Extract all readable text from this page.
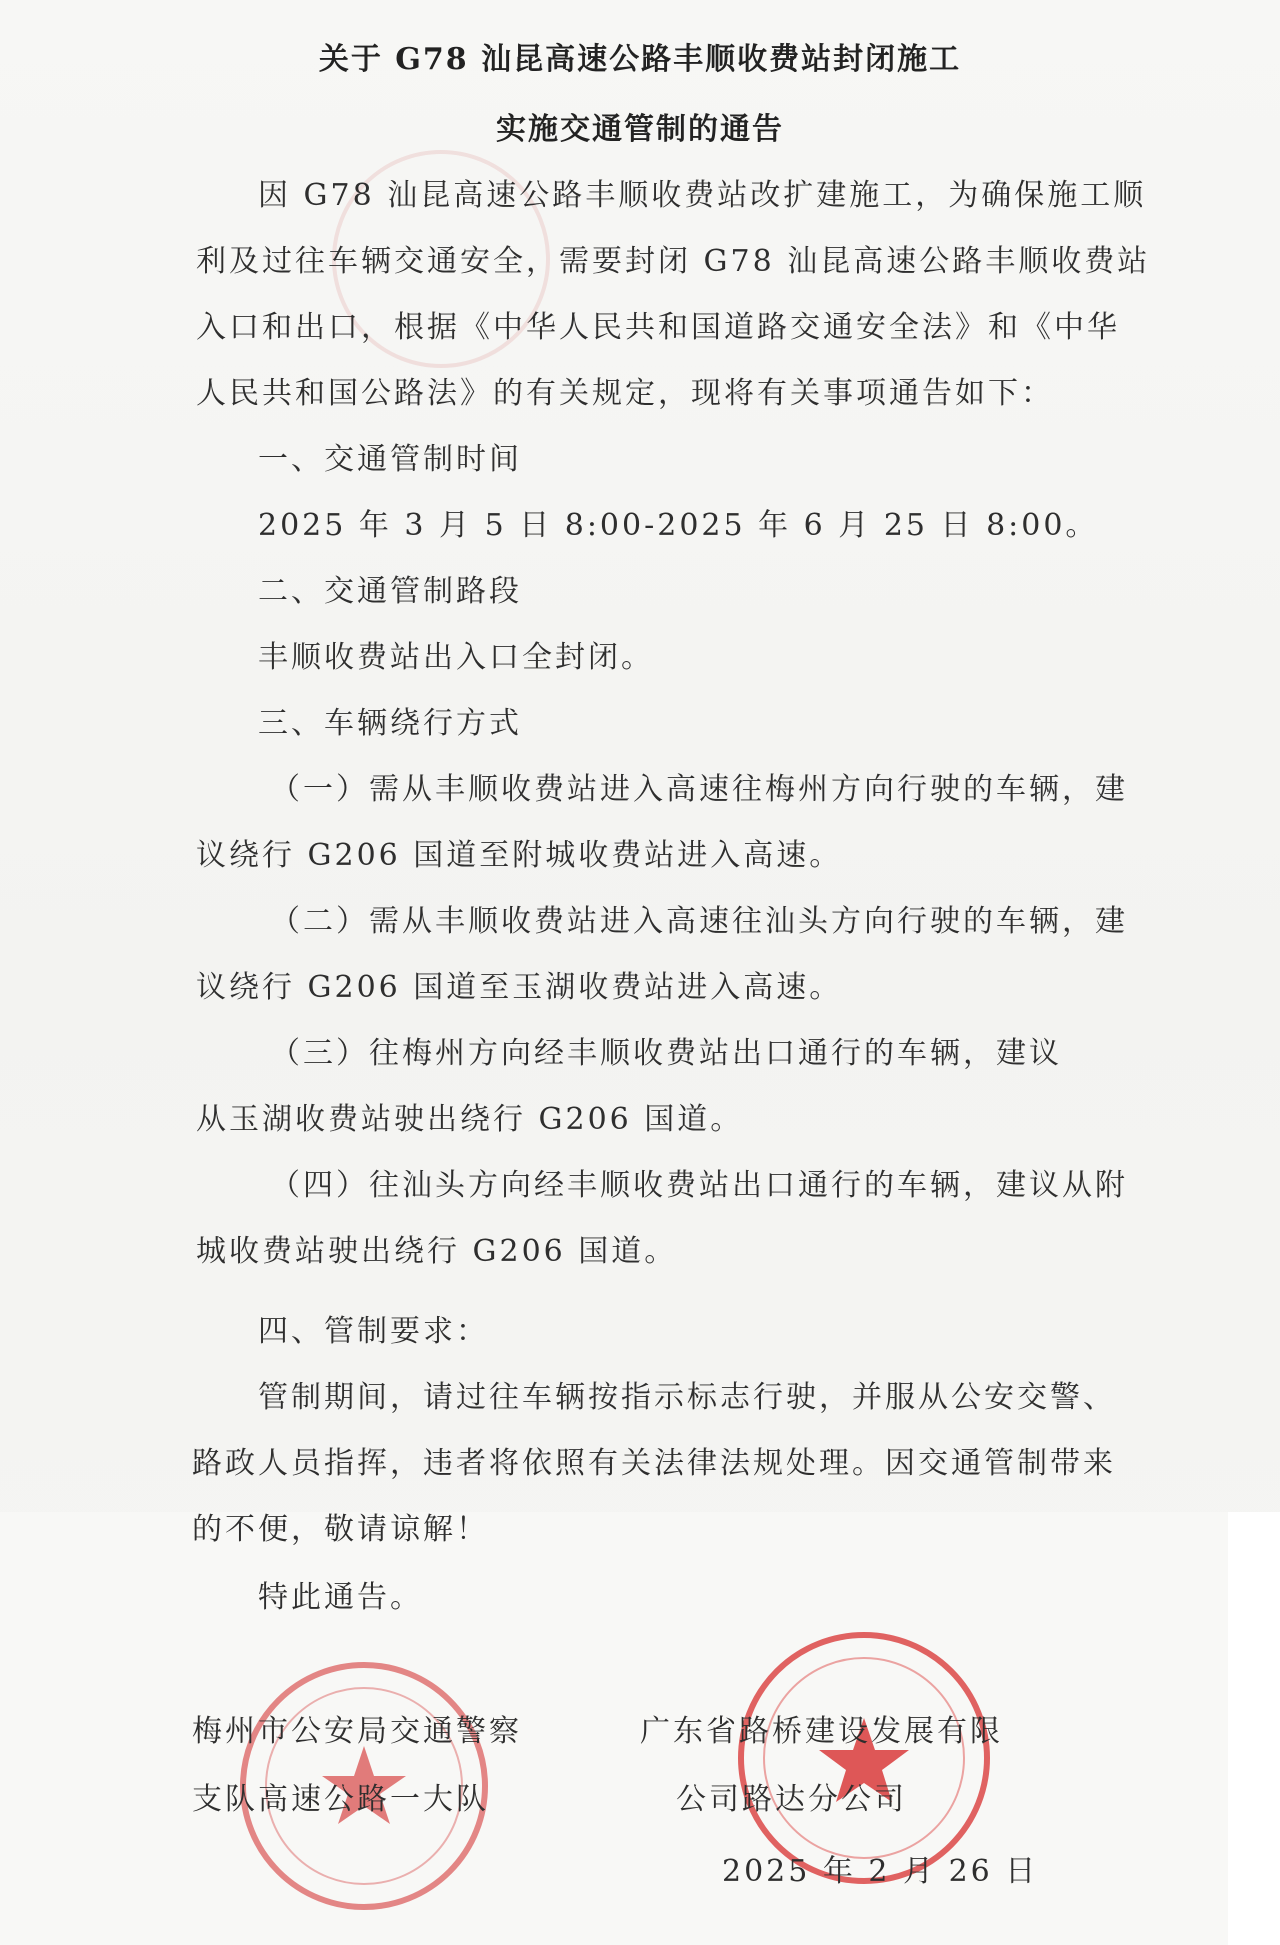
关于 G78 汕昆高速公路丰顺收费站封闭施工
实施交通管制的通告
因 G78 汕昆高速公路丰顺收费站改扩建施工，为确保施工顺
利及过往车辆交通安全，需要封闭 G78 汕昆高速公路丰顺收费站
入口和出口，根据《中华人民共和国道路交通安全法》和《中华
人民共和国公路法》的有关规定，现将有关事项通告如下：
一、交通管制时间
2025 年 3 月 5 日 8:00-2025 年 6 月 25 日 8:00。
二、交通管制路段
丰顺收费站出入口全封闭。
三、车辆绕行方式
（一）需从丰顺收费站进入高速往梅州方向行驶的车辆，建
议绕行 G206 国道至附城收费站进入高速。
（二）需从丰顺收费站进入高速往汕头方向行驶的车辆，建
议绕行 G206 国道至玉湖收费站进入高速。
（三）往梅州方向经丰顺收费站出口通行的车辆，建议
从玉湖收费站驶出绕行 G206 国道。
（四）往汕头方向经丰顺收费站出口通行的车辆，建议从附
城收费站驶出绕行 G206 国道。
四、管制要求：
管制期间，请过往车辆按指示标志行驶，并服从公安交警、
路政人员指挥，违者将依照有关法律法规处理。因交通管制带来
的不便，敬请谅解！
特此通告。
梅州市公安局交通警察
支队高速公路一大队
广东省路桥建设发展有限
公司路达分公司
2025 年 2 月 26 日
